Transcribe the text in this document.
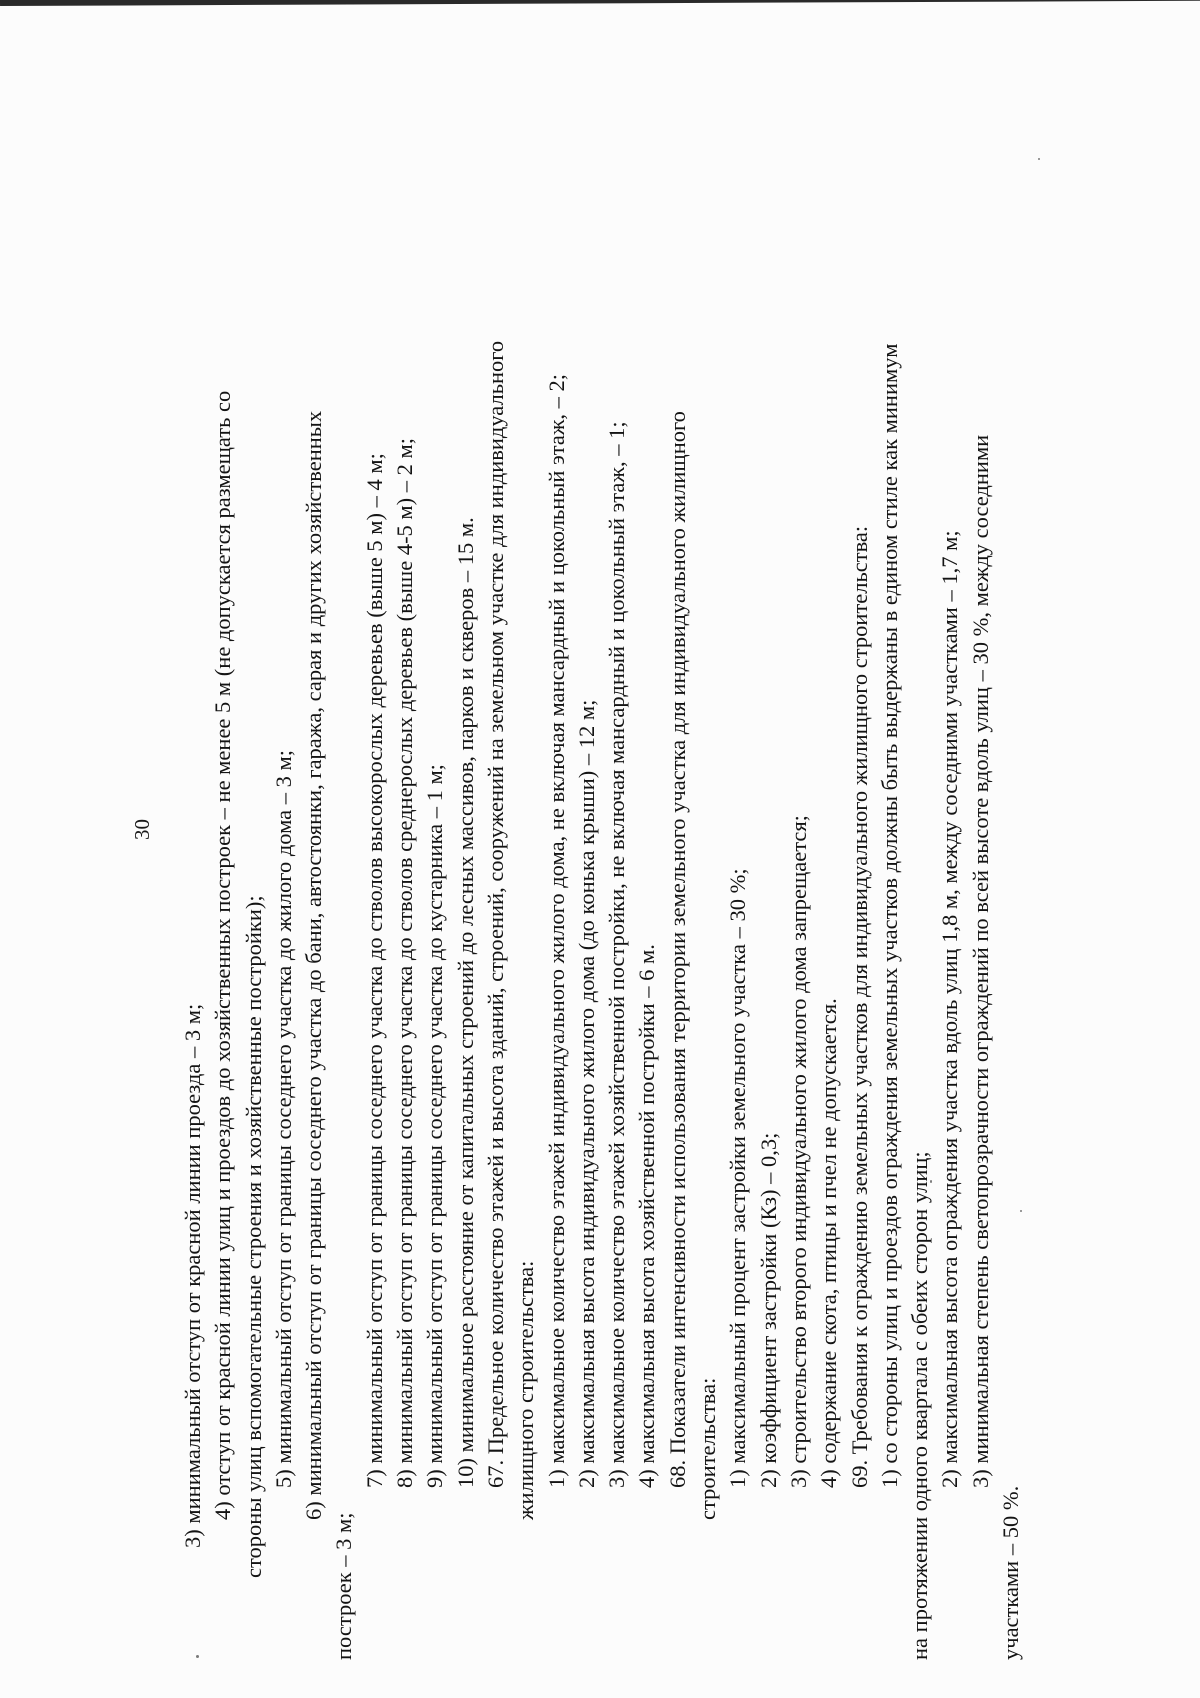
30
3) минимальный отступ от красной линии проезда – 3 м; 4) отступ от красной линии улиц и проездов до хозяйственных построек – не менее 5 м (не допускается размещать со стороны улиц вспомогательные строения и хозяйственные постройки); 5) минимальный отступ от границы соседнего участка до жилого дома – 3 м; 6) минимальный отступ от границы соседнего участка до бани, автостоянки, гаража, сарая и других хозяйственных
построек – 3 м;
7) минимальный отступ от границы соседнего участка до стволов высокорослых деревьев (выше 5 м) – 4 м; 8) минимальный отступ от границы соседнего участка до стволов среднерослых деревьев (выше 4-5 м) – 2 м; 9) минимальный отступ от границы соседнего участка до кустарника – 1 м; 10) минимальное расстояние от капитальных строений до лесных массивов, парков и скверов – 15 м. 67. Предельное количество этажей и высота зданий, строений, сооружений на земельном участке для индивидуального жилищного строительства: 1) максимальное количество этажей индивидуального жилого дома, не включая мансардный и цокольный этаж, – 2; 2) максимальная высота индивидуального жилого дома (до конька крыши) – 12 м; 3) максимальное количество этажей хозяйственной постройки, не включая мансардный и цокольный этаж, – 1; 4) максимальная высота хозяйственной постройки – 6 м. 68. Показатели интенсивности использования территории земельного участка для индивидуального жилищного строительства: 1) максимальный процент застройки земельного участка – 30 %; 2) коэффициент застройки (Кз) – 0,3; 3) строительство второго индивидуального жилого дома запрещается; 4) содержание скота, птицы и пчел не допускается. 69. Требования к ограждению земельных участков для индивидуального жилищного строительства: 1) со стороны улиц и проездов ограждения земельных участков должны быть выдержаны в едином стиле как минимум на протяжении одного квартала с обеих сторон улиц; 2) максимальная высота ограждения участка вдоль улиц 1,8 м, между соседними участками – 1,7 м; 3) минимальная степень светопрозрачности ограждений по всей высоте вдоль улиц – 30 %, между соседними
участками – 50 %.
